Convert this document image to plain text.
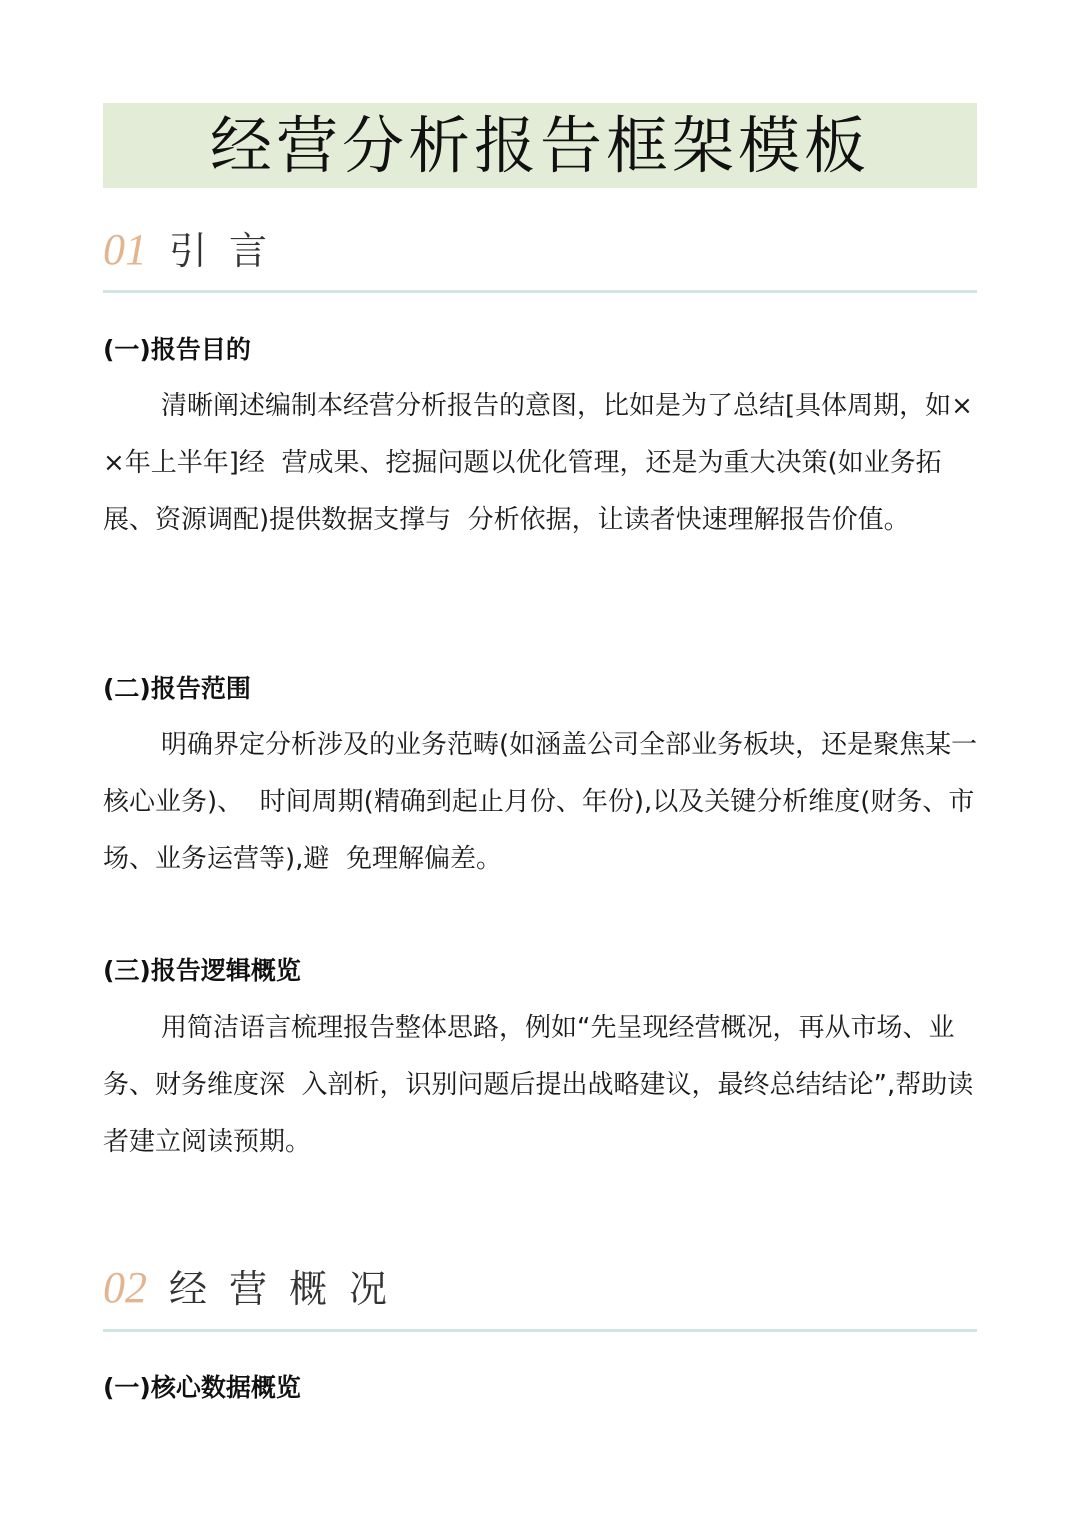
经营分析报告框架模板
01 引言
(一)报告目的

清晰阐述编制本经营分析报告的意图，比如是为了总结[具体周期，如××年上半年]经  营成果、挖掘问题以优化管理，还是为重大决策(如业务拓展、资源调配)提供数据支撑与  分析依据，让读者快速理解报告价值。

(二)报告范围

明确界定分析涉及的业务范畴(如涵盖公司全部业务板块，还是聚焦某一核心业务)、  时间周期(精确到起止月份、年份),以及关键分析维度(财务、市场、业务运营等),避  免理解偏差。

(三)报告逻辑概览

用简洁语言梳理报告整体思路，例如“先呈现经营概况，再从市场、业务、财务维度深  入剖析，识别问题后提出战略建议，最终总结结论”,帮助读者建立阅读预期。

02 经营概况
(一)核心数据概览
